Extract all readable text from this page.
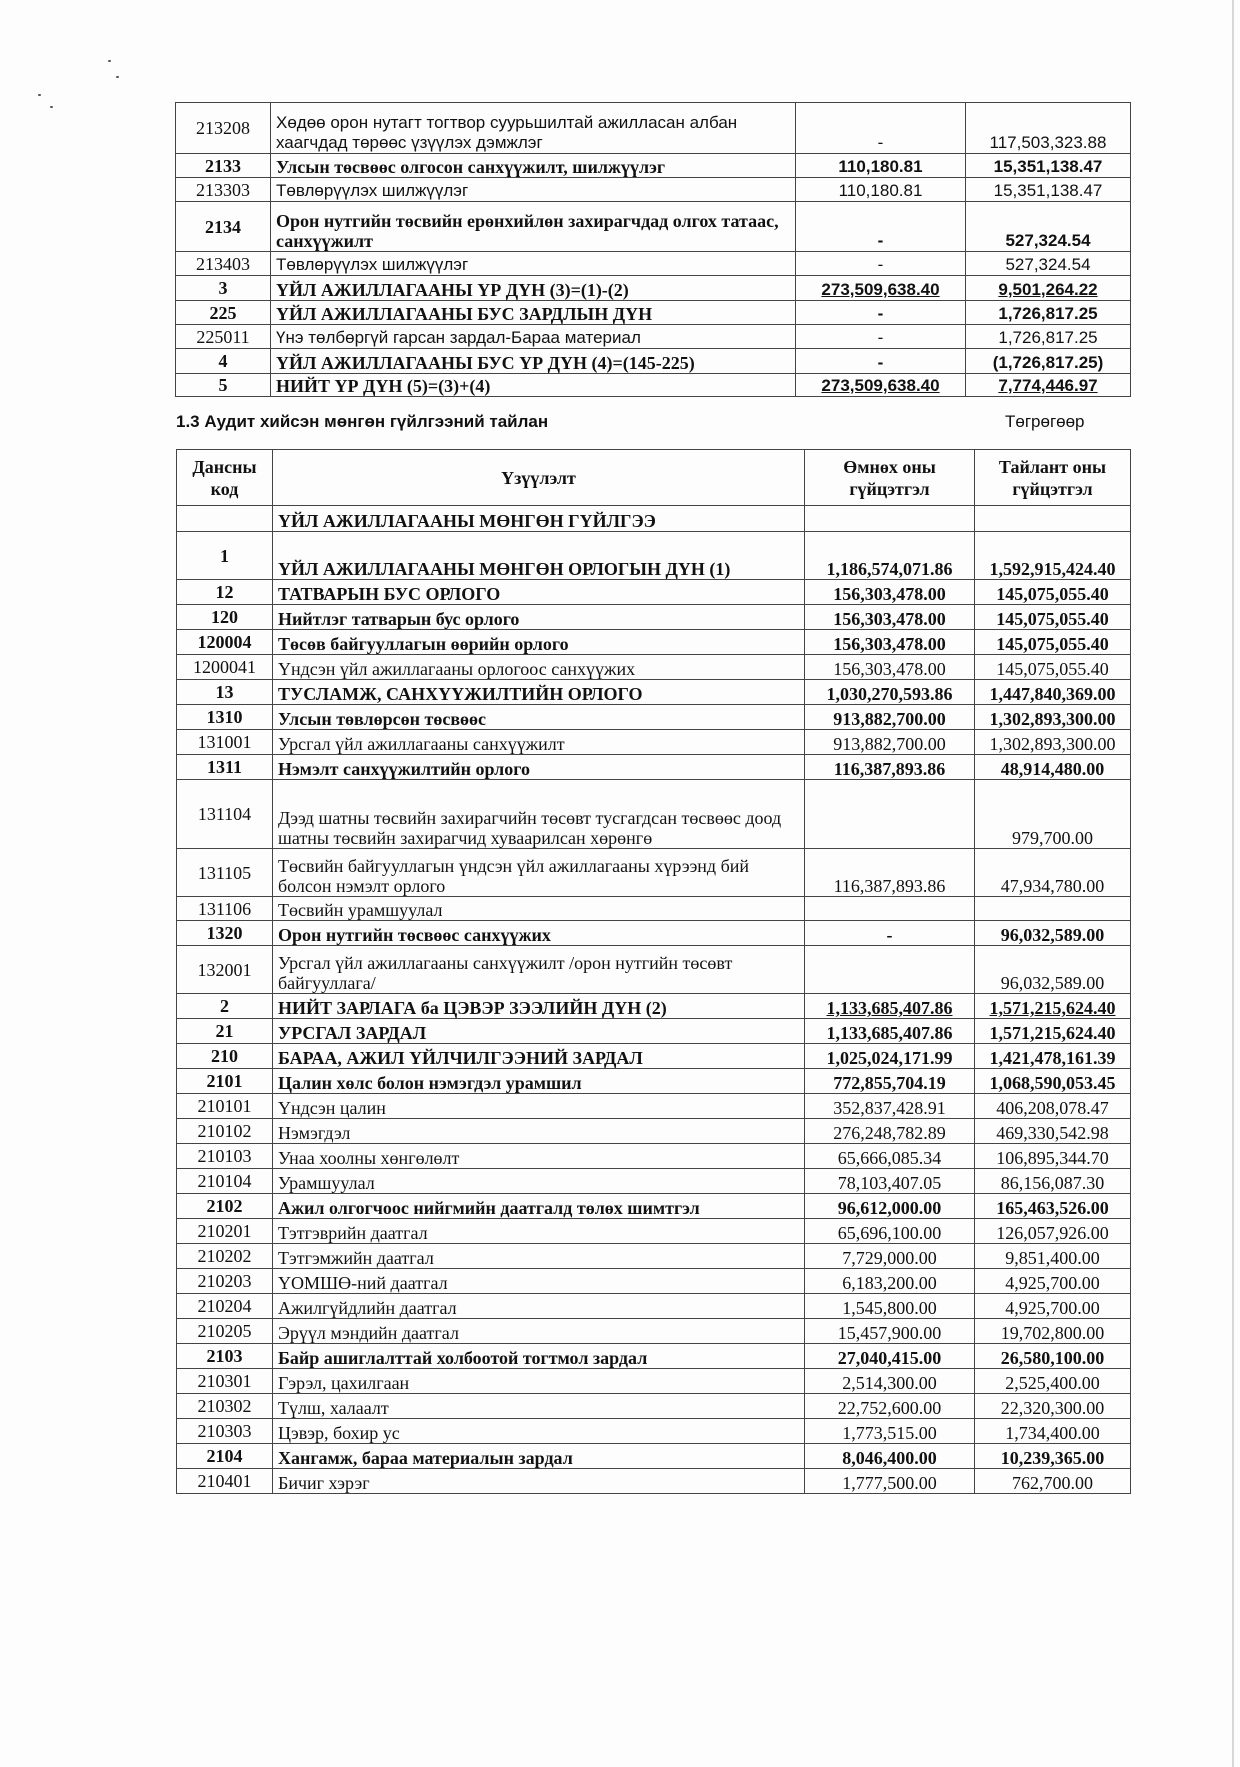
213208	Хөдөө орон нутагт тогтвор суурьшилтай ажилласан албан хаагчдад төрөөс үзүүлэх дэмжлэг	-	117,503,323.88
2133	Улсын төсвөөс олгосон санхүүжилт, шилжүүлэг	110,180.81	15,351,138.47
213303	Төвлөрүүлэх шилжүүлэг	110,180.81	15,351,138.47
2134	Орон нутгийн төсвийн ерөнхийлөн захирагчдад олгох татаас, санхүүжилт	-	527,324.54
213403	Төвлөрүүлэх шилжүүлэг	-	527,324.54
3	ҮЙЛ АЖИЛЛАГААНЫ ҮР ДҮН (3)=(1)-(2)	273,509,638.40	9,501,264.22
225	ҮЙЛ АЖИЛЛАГААНЫ БУС ЗАРДЛЫН ДҮН	-	1,726,817.25
225011	Үнэ төлбөргүй гарсан зардал-Бараа материал	-	1,726,817.25
4	ҮЙЛ АЖИЛЛАГААНЫ БУС ҮР ДҮН (4)=(145-225)	-	(1,726,817.25)
5	НИЙТ ҮР ДҮН (5)=(3)+(4)	273,509,638.40	7,774,446.97
1.3 Аудит хийсэн мөнгөн гүйлгээний тайлан	Төгрөгөөр
Дансны код	Үзүүлэлт	Өмнөх оны гүйцэтгэл	Тайлант оны гүйцэтгэл
	ҮЙЛ АЖИЛЛАГААНЫ МӨНГӨН ГҮЙЛГЭЭ		
1	ҮЙЛ АЖИЛЛАГААНЫ МӨНГӨН ОРЛОГЫН ДҮН (1)	1,186,574,071.86	1,592,915,424.40
12	ТАТВАРЫН БУС ОРЛОГО	156,303,478.00	145,075,055.40
120	Нийтлэг татварын бус орлого	156,303,478.00	145,075,055.40
120004	Төсөв байгууллагын өөрийн орлого	156,303,478.00	145,075,055.40
1200041	Үндсэн үйл ажиллагааны орлогоос санхүүжих	156,303,478.00	145,075,055.40
13	ТУСЛАМЖ, САНХҮҮЖИЛТИЙН ОРЛОГО	1,030,270,593.86	1,447,840,369.00
1310	Улсын төвлөрсөн төсвөөс	913,882,700.00	1,302,893,300.00
131001	Урсгал үйл ажиллагааны санхүүжилт	913,882,700.00	1,302,893,300.00
1311	Нэмэлт санхүүжилтийн орлого	116,387,893.86	48,914,480.00
131104	Дээд шатны төсвийн захирагчийн төсөвт тусгагдсан төсвөөс доод шатны төсвийн захирагчид хуваарилсан хөрөнгө		979,700.00
131105	Төсвийн байгууллагын үндсэн үйл ажиллагааны хүрээнд бий болсон нэмэлт орлого	116,387,893.86	47,934,780.00
131106	Төсвийн урамшуулал		
1320	Орон нутгийн төсвөөс санхүүжих	-	96,032,589.00
132001	Урсгал үйл ажиллагааны санхүүжилт /орон нутгийн төсөвт байгууллага/		96,032,589.00
2	НИЙТ ЗАРЛАГА ба ЦЭВЭР ЗЭЭЛИЙН ДҮН (2)	1,133,685,407.86	1,571,215,624.40
21	УРСГАЛ ЗАРДАЛ	1,133,685,407.86	1,571,215,624.40
210	БАРАА, АЖИЛ ҮЙЛЧИЛГЭЭНИЙ ЗАРДАЛ	1,025,024,171.99	1,421,478,161.39
2101	Цалин хөлс болон нэмэгдэл урамшил	772,855,704.19	1,068,590,053.45
210101	Үндсэн цалин	352,837,428.91	406,208,078.47
210102	Нэмэгдэл	276,248,782.89	469,330,542.98
210103	Унаа хоолны хөнгөлөлт	65,666,085.34	106,895,344.70
210104	Урамшуулал	78,103,407.05	86,156,087.30
2102	Ажил олгогчоос нийгмийн даатгалд төлөх шимтгэл	96,612,000.00	165,463,526.00
210201	Тэтгэврийн даатгал	65,696,100.00	126,057,926.00
210202	Тэтгэмжийн даатгал	7,729,000.00	9,851,400.00
210203	ҮОМШӨ-ний даатгал	6,183,200.00	4,925,700.00
210204	Ажилгүйдлийн даатгал	1,545,800.00	4,925,700.00
210205	Эрүүл мэндийн даатгал	15,457,900.00	19,702,800.00
2103	Байр ашиглалттай холбоотой тогтмол зардал	27,040,415.00	26,580,100.00
210301	Гэрэл, цахилгаан	2,514,300.00	2,525,400.00
210302	Түлш, халаалт	22,752,600.00	22,320,300.00
210303	Цэвэр, бохир ус	1,773,515.00	1,734,400.00
2104	Хангамж, бараа материалын зардал	8,046,400.00	10,239,365.00
210401	Бичиг хэрэг	1,777,500.00	762,700.00
